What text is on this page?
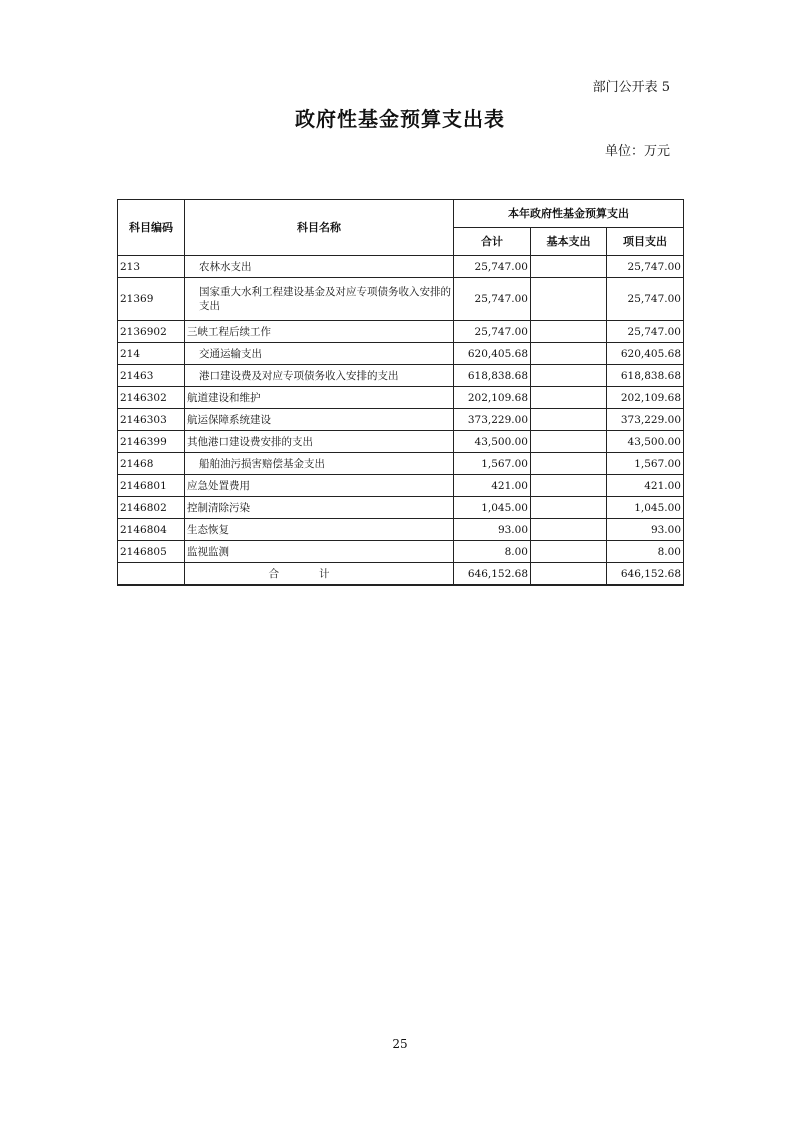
部门公开表 5
政府性基金预算支出表
单位：万元
科目编码	科目名称	本年政府性基金预算支出		
		合计	基本支出	项目支出
213	农林水支出	25,747.00		25,747.00
21369	国家重大水利工程建设基金及对应专项债务收入安排的支出	25,747.00		25,747.00
2136902	三峡工程后续工作	25,747.00		25,747.00
214	交通运输支出	620,405.68		620,405.68
21463	港口建设费及对应专项债务收入安排的支出	618,838.68		618,838.68
2146302	航道建设和维护	202,109.68		202,109.68
2146303	航运保障系统建设	373,229.00		373,229.00
2146399	其他港口建设费安排的支出	43,500.00		43,500.00
21468	船舶油污损害赔偿基金支出	1,567.00		1,567.00
2146801	应急处置费用	421.00		421.00
2146802	控制清除污染	1,045.00		1,045.00
2146804	生态恢复	93.00		93.00
2146805	监视监测	8.00		8.00
	合计	646,152.68		646,152.68
25
